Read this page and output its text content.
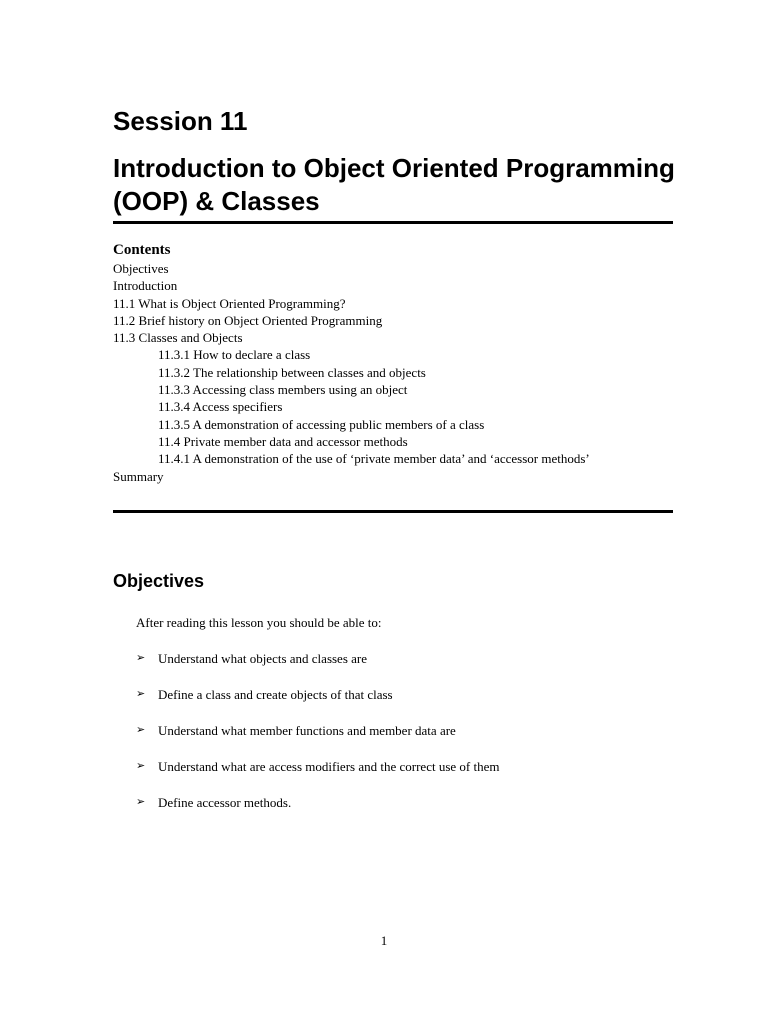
Session 11
Introduction to Object Oriented Programming (OOP) & Classes
Contents
Objectives
Introduction
11.1 What is Object Oriented Programming?
11.2 Brief history on Object Oriented Programming
11.3 Classes and Objects
11.3.1 How to declare a class
11.3.2 The relationship between classes and objects
11.3.3 Accessing class members using an object
11.3.4 Access specifiers
11.3.5 A demonstration of accessing public members of a class
11.4 Private member data and accessor methods
11.4.1 A demonstration of the use of ‘private member data’ and ‘accessor methods’
Summary
Objectives

After reading this lesson you should be able to:

➢ Understand what objects and classes are
➢ Define a class and create objects of that class
➢ Understand what member functions and member data are
➢ Understand what are access modifiers and the correct use of them
➢ Define accessor methods.

1
